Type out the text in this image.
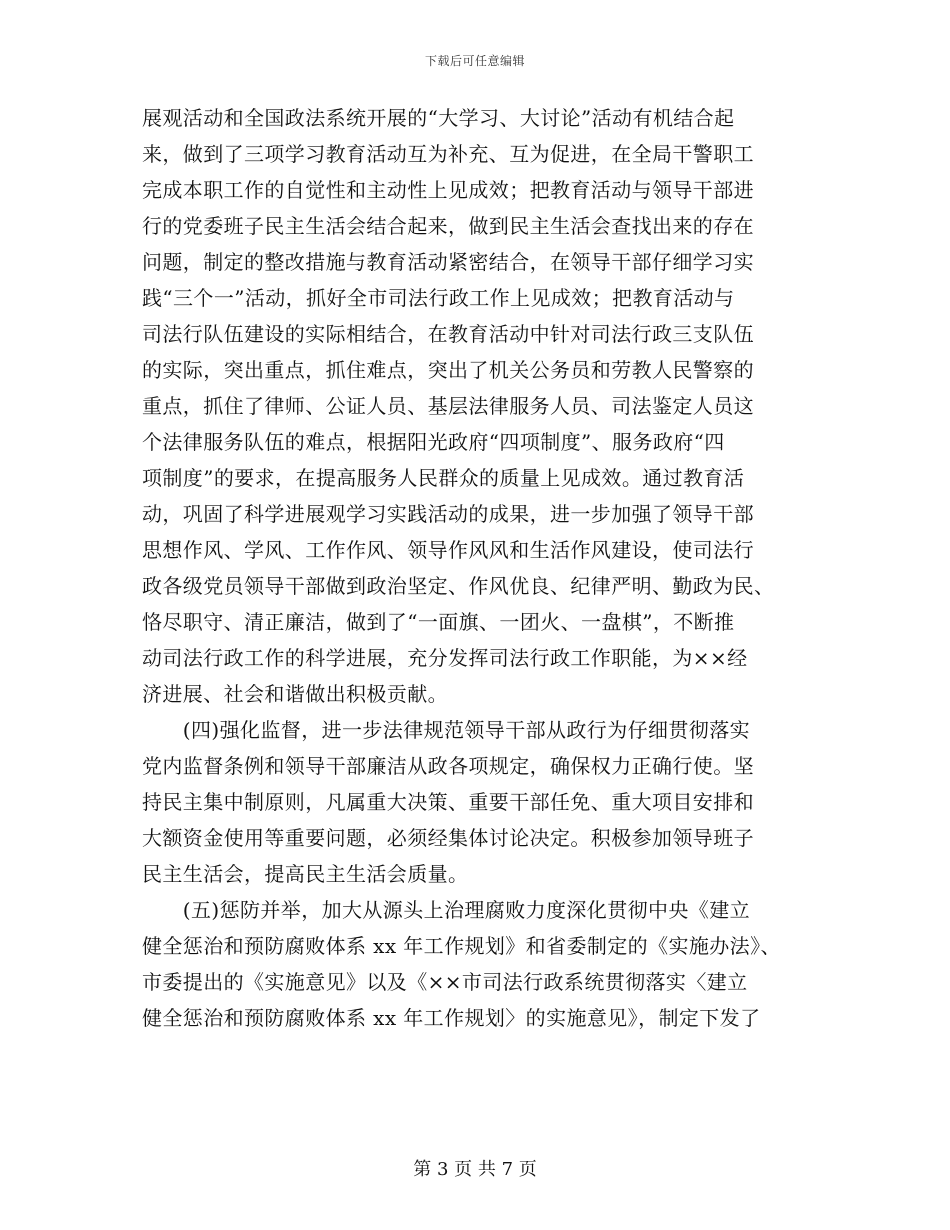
下载后可任意编辑
展观活动和全国政法系统开展的“大学习、大讨论”活动有机结合起
来，做到了三项学习教育活动互为补充、互为促进，在全局干警职工
完成本职工作的自觉性和主动性上见成效；把教育活动与领导干部进
行的党委班子民主生活会结合起来，做到民主生活会查找出来的存在
问题，制定的整改措施与教育活动紧密结合，在领导干部仔细学习实
践“三个一”活动，抓好全市司法行政工作上见成效；把教育活动与
司法行队伍建设的实际相结合，在教育活动中针对司法行政三支队伍
的实际，突出重点，抓住难点，突出了机关公务员和劳教人民警察的
重点，抓住了律师、公证人员、基层法律服务人员、司法鉴定人员这
个法律服务队伍的难点，根据阳光政府“四项制度”、服务政府“四
项制度”的要求，在提高服务人民群众的质量上见成效。通过教育活
动，巩固了科学进展观学习实践活动的成果，进一步加强了领导干部
思想作风、学风、工作作风、领导作风风和生活作风建设，使司法行
政各级党员领导干部做到政治坚定、作风优良、纪律严明、勤政为民、
恪尽职守、清正廉洁，做到了“一面旗、一团火、一盘棋”，不断推
动司法行政工作的科学进展，充分发挥司法行政工作职能，为××经
济进展、社会和谐做出积极贡献。
　　(四)强化监督，进一步法律规范领导干部从政行为仔细贯彻落实
党内监督条例和领导干部廉洁从政各项规定，确保权力正确行使。坚
持民主集中制原则，凡属重大决策、重要干部任免、重大项目安排和
大额资金使用等重要问题，必须经集体讨论决定。积极参加领导班子
民主生活会，提高民主生活会质量。
　　(五)惩防并举，加大从源头上治理腐败力度深化贯彻中央《建立
健全惩治和预防腐败体系 xx 年工作规划》和省委制定的《实施办法》、
市委提出的《实施意见》以及《××市司法行政系统贯彻落实〈建立
健全惩治和预防腐败体系 xx 年工作规划〉的实施意见》，制定下发了
第 3 页 共 7 页
